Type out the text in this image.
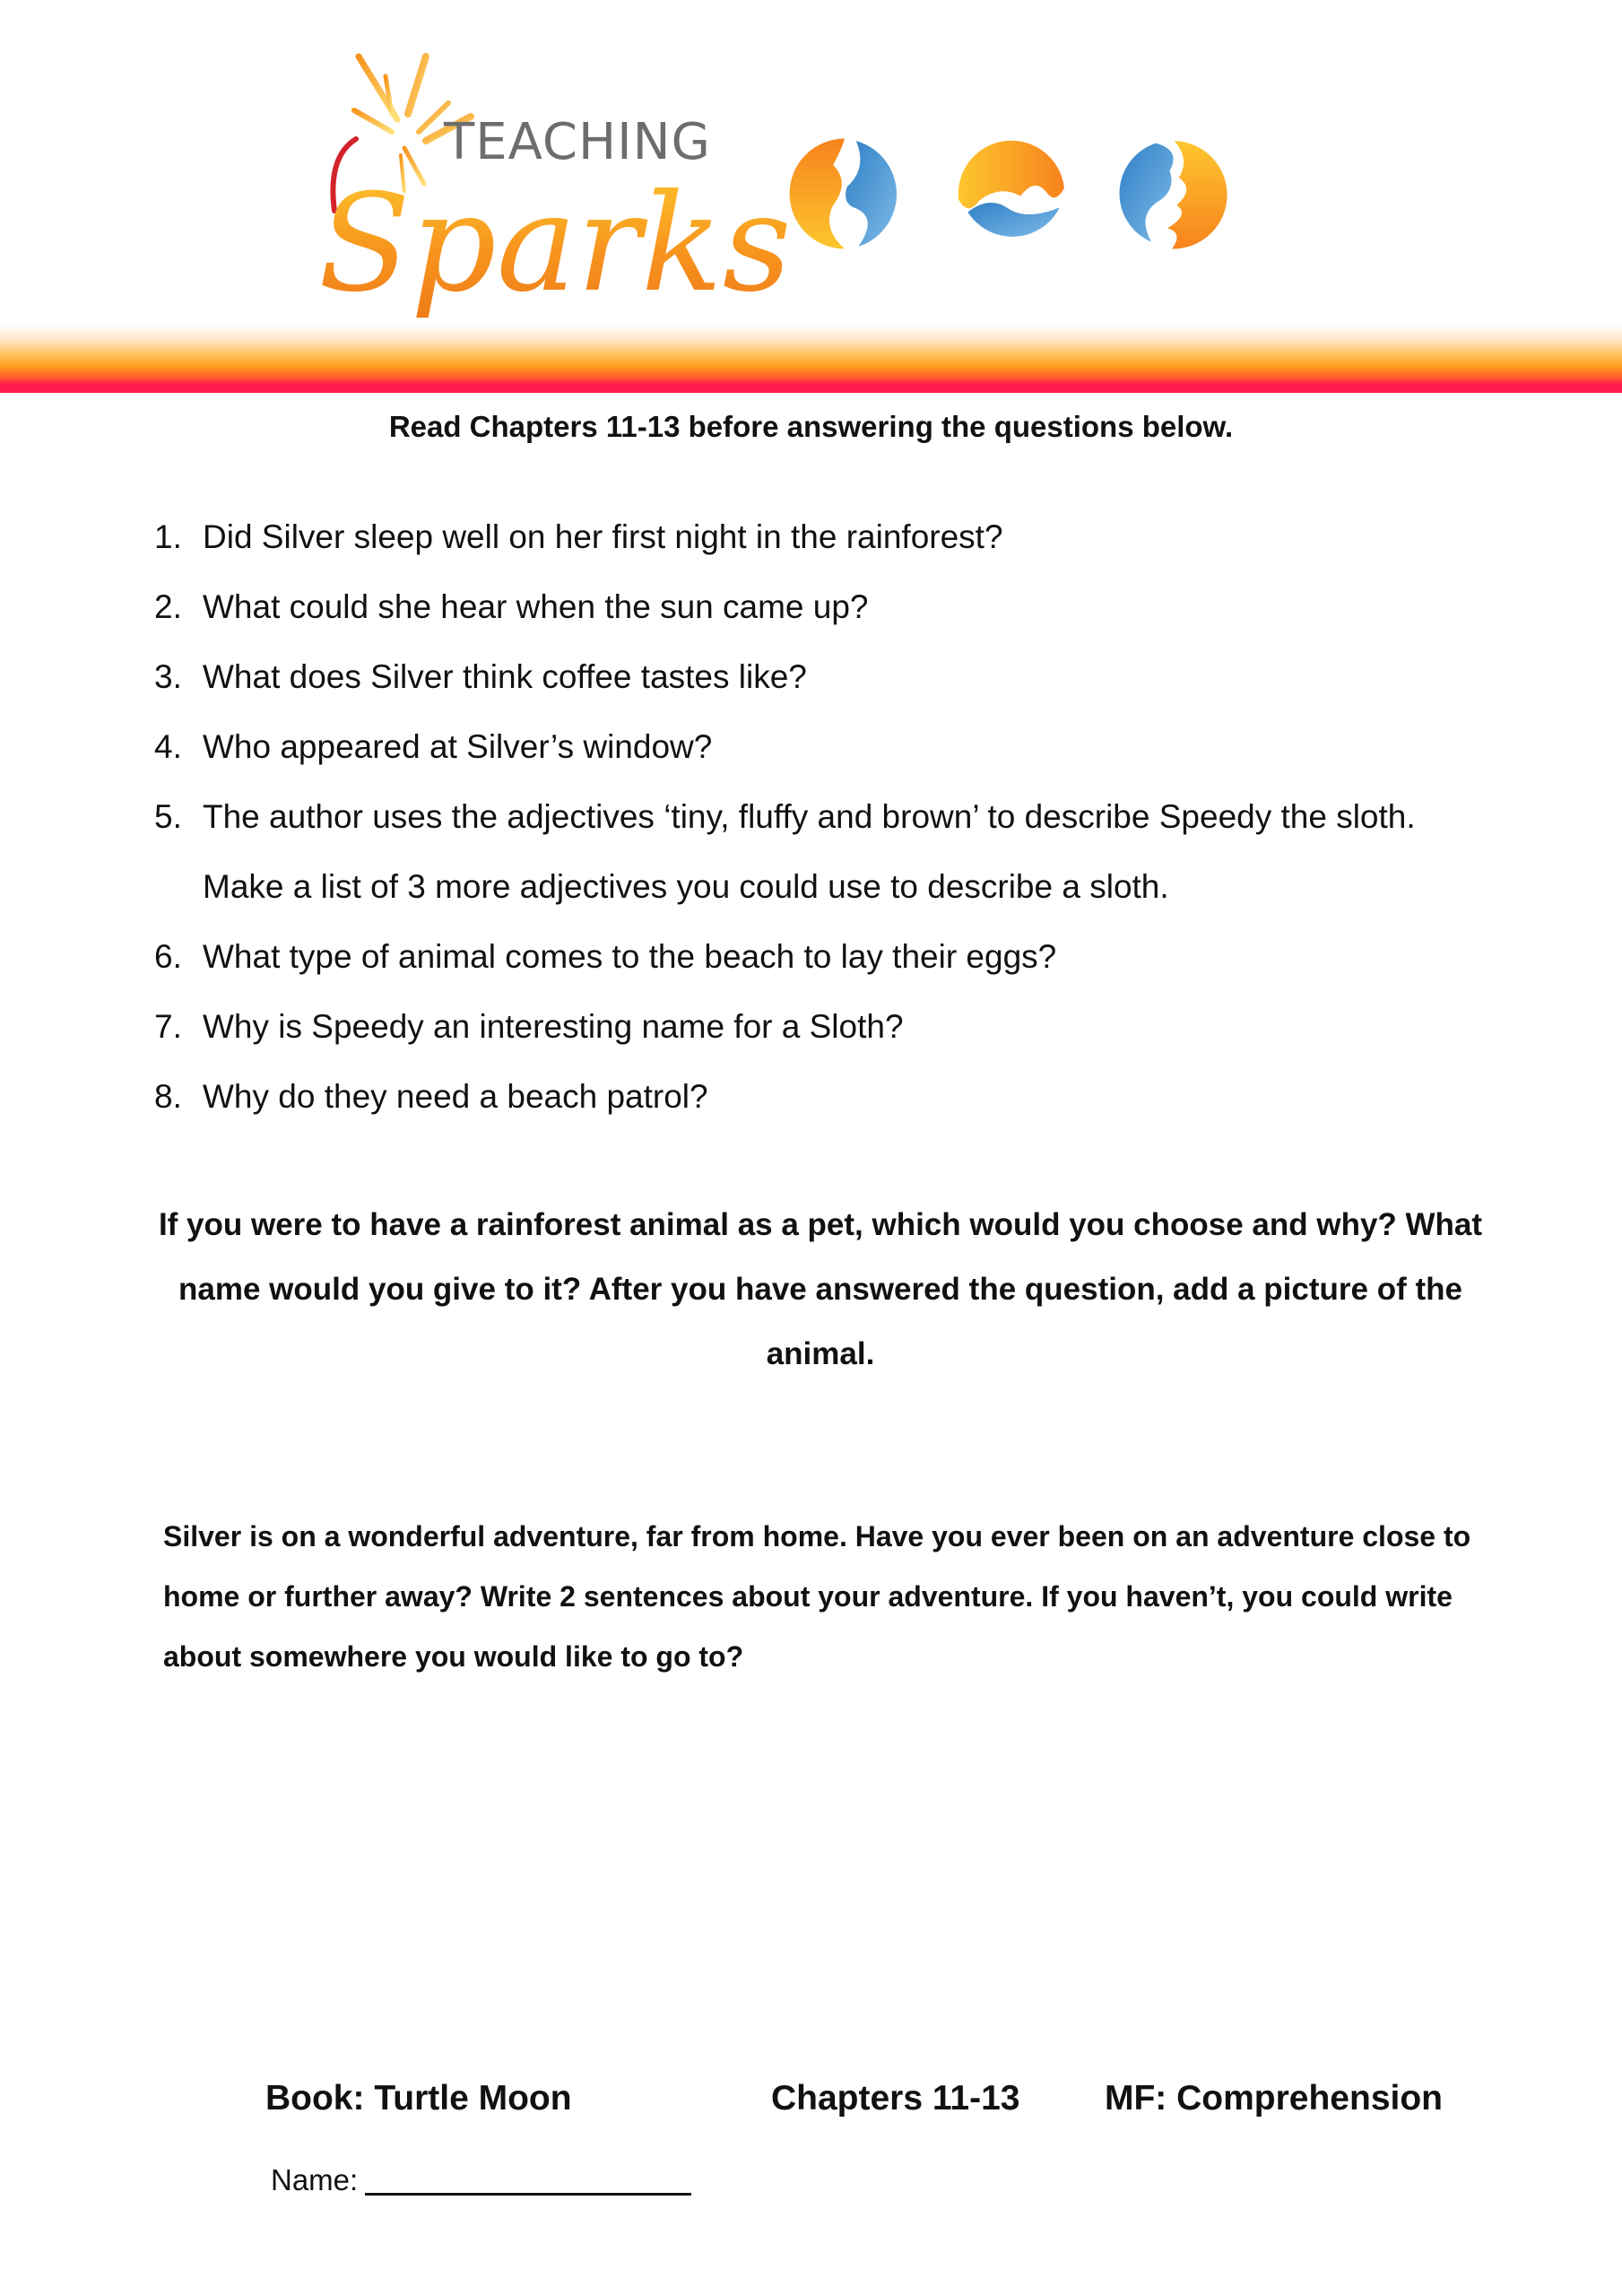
TEACHING
Sparks
Read Chapters 11-13 before answering the questions below.
1. Did Silver sleep well on her first night in the rainforest?
2. What could she hear when the sun came up?
3. What does Silver think coffee tastes like?
4. Who appeared at Silver’s window?
5. The author uses the adjectives ‘tiny, fluffy and brown’ to describe Speedy the sloth. Make a list of 3 more adjectives you could use to describe a sloth.
6. What type of animal comes to the beach to lay their eggs?
7. Why is Speedy an interesting name for a Sloth?
8. Why do they need a beach patrol?
If you were to have a rainforest animal as a pet, which would you choose and why? What name would you give to it? After you have answered the question, add a picture of the animal.
Silver is on a wonderful adventure, far from home. Have you ever been on an adventure close to home or further away? Write 2 sentences about your adventure. If you haven’t, you could write about somewhere you would like to go to?
Book: Turtle Moon	Chapters 11-13 MF: Comprehension
Name:
